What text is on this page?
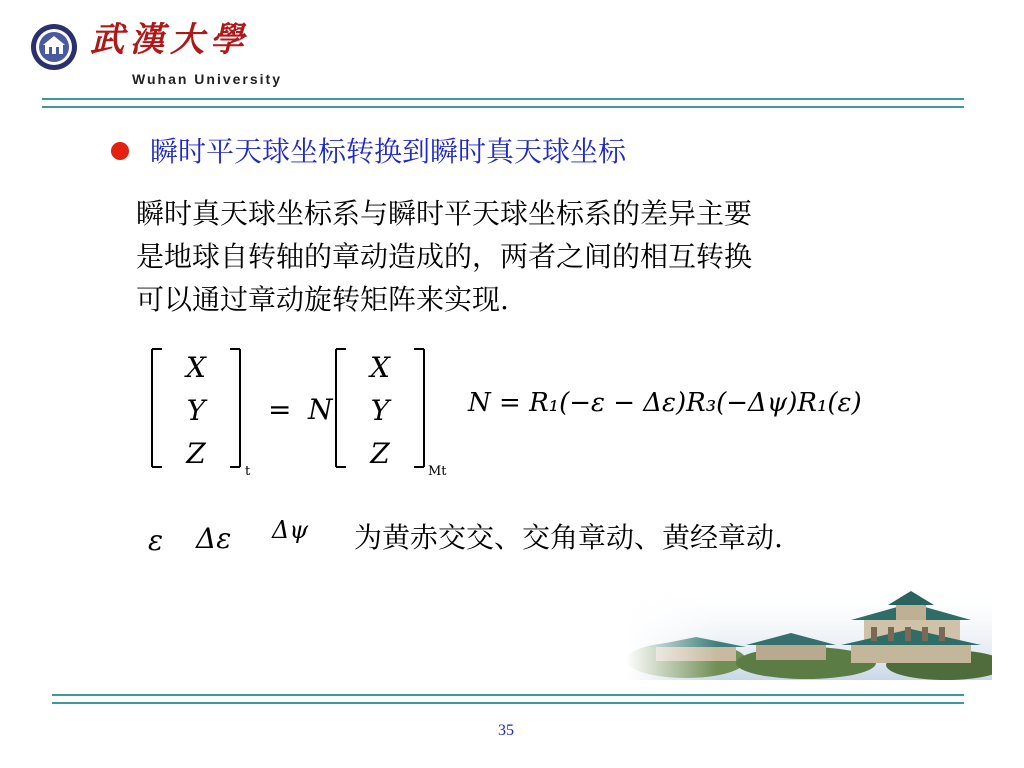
武漢大學
Wuhan University
瞬时平天球坐标转换到瞬时真天球坐标
瞬时真天球坐标系与瞬时平天球坐标系的差异主要
是地球自转轴的章动造成的，两者之间的相互转换
可以通过章动旋转矩阵来实现.
X
Y
Z
t
= N
X
Y
Z
Mt
N = R₁(−ε − Δε)R₃(−Δψ)R₁(ε)
ε Δε Δψ 为黄赤交交、交角章动、黄经章动.
35
